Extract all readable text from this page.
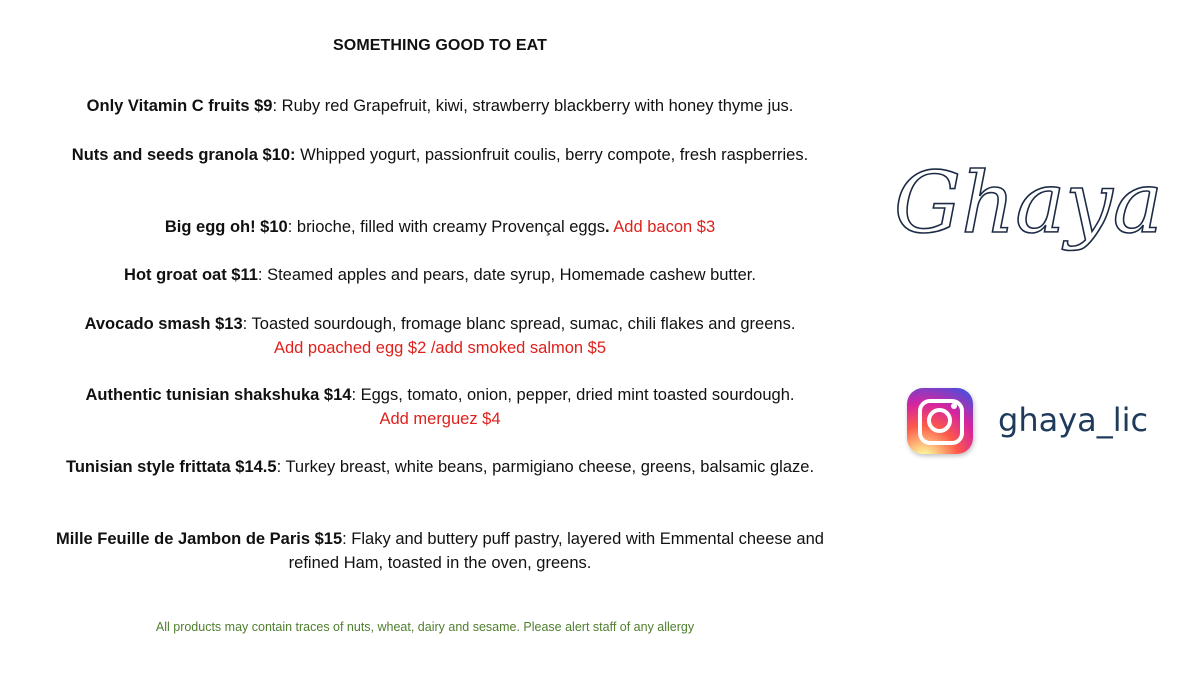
SOMETHING GOOD TO EAT
Only Vitamin C fruits $9: Ruby red Grapefruit, kiwi, strawberry blackberry with honey thyme jus.
Nuts and seeds granola $10: Whipped yogurt, passionfruit coulis, berry compote, fresh raspberries.
Big egg oh! $10: brioche, filled with creamy Provençal eggs. Add bacon $3
Hot groat oat $11: Steamed apples and pears, date syrup, Homemade cashew butter.
Avocado smash $13: Toasted sourdough, fromage blanc spread, sumac, chili flakes and greens.
Add poached egg $2 /add smoked salmon $5
Authentic tunisian shakshuka $14: Eggs, tomato, onion, pepper, dried mint toasted sourdough.
Add merguez $4
Tunisian style frittata $14.5: Turkey breast, white beans, parmigiano cheese, greens, balsamic glaze.
Mille Feuille de Jambon de Paris $15: Flaky and buttery puff pastry, layered with Emmental cheese and refined Ham, toasted in the oven, greens.
All products may contain traces of nuts, wheat, dairy and sesame. Please alert staff of any allergy
Ghaya
ghaya_lic
